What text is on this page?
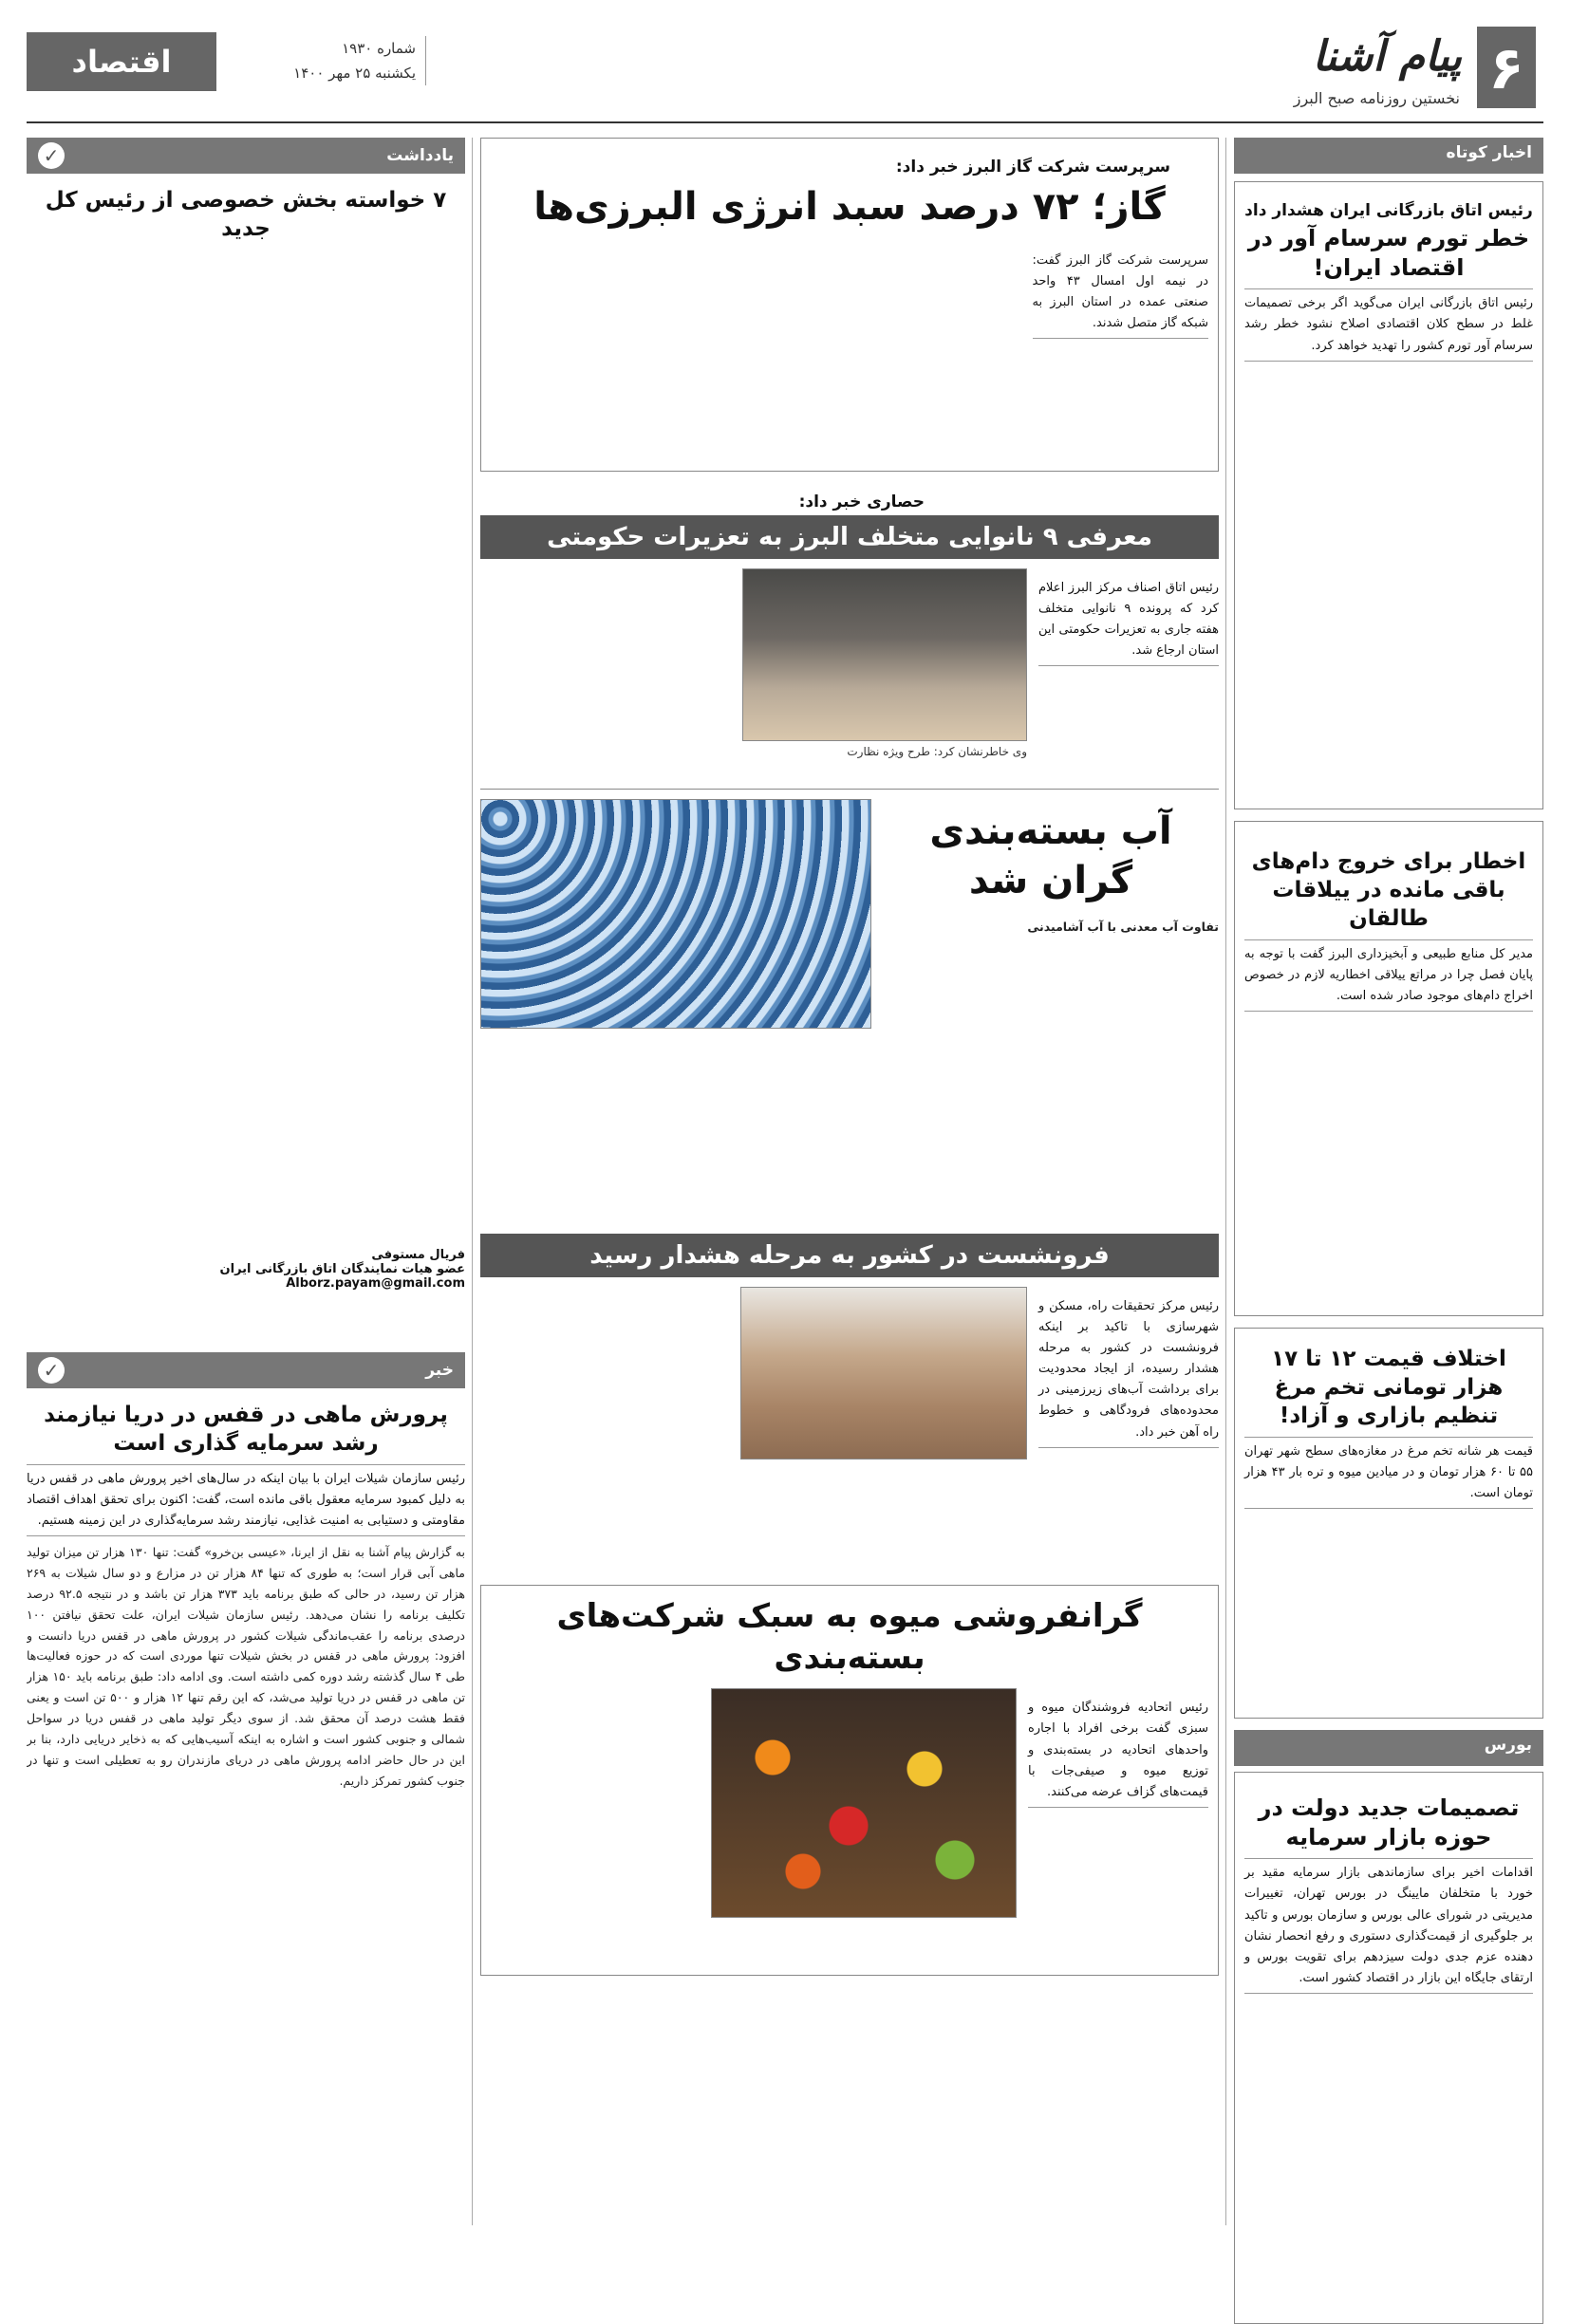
۶
پیام آشنا
نخستین روزنامه صبح البرز
شماره ۱۹۳۰
یکشنبه ۲۵ مهر ۱۴۰۰
اقتصاد
اخبار کوتاه
رئیس اتاق بازرگانی ایران هشدار داد
خطر تورم سرسام آور در اقتصاد ایران!
رئیس اتاق بازرگانی ایران می‌گوید اگر برخی تصمیمات غلط در سطح کلان اقتصادی اصلاح نشود خطر رشد سرسام آور تورم کشور را تهدید خواهد کرد.
اخطار برای خروج دام‌های باقی مانده در ییلاقات طالقان
مدیر کل منابع طبیعی و آبخیزداری البرز گفت با توجه به پایان فصل چرا در مراتع ییلاقی اخطاریه لازم در خصوص اخراج دام‌های موجود صادر شده است.
اختلاف قیمت ۱۲ تا ۱۷ هزار تومانی تخم مرغ تنظیم بازاری و آزاد!
قیمت هر شانه تخم مرغ در مغازه‌های سطح شهر تهران ۵۵ تا ۶۰ هزار تومان و در میادین میوه و تره بار ۴۳ هزار تومان است.
بورس
تصمیمات جدید دولت در حوزه بازار سرمایه
اقدامات اخیر برای سازماندهی بازار سرمایه مقید بر خورد با متخلفان مایینگ در بورس تهران، تغییرات مدیریتی در شورای عالی بورس و سازمان بورس و تاکید بر جلوگیری از قیمت‌گذاری دستوری و رفع انحصار نشان دهنده عزم جدی دولت سیزدهم برای تقویت بورس و ارتقای جایگاه این بازار در اقتصاد کشور است.
سرپرست شرکت گاز البرز خبر داد:
گاز؛ ۷۲ درصد سبد انرژی البرزی‌ها
سرپرست شرکت گاز البرز گفت: در نیمه اول امسال ۴۳ واحد صنعتی عمده در استان البرز به شبکه گاز متصل شدند.
حصاری خبر داد:
معرفی ۹ نانوایی متخلف البرز به تعزیرات حکومتی
رئیس اتاق اصناف مرکز البرز اعلام کرد که پرونده ۹ نانوایی متخلف هفته جاری به تعزیرات حکومتی این استان ارجاع شد.
وی خاطرنشان کرد: طرح ویژه نظارت
آب بسته‌بندی گران شد
تفاوت آب معدنی با آب آشامیدنی
فرونشست در کشور به مرحله هشدار رسید
رئیس مرکز تحقیقات راه، مسکن و شهرسازی با تاکید بر اینکه فرونشست در کشور به مرحله هشدار رسیده، از ایجاد محدودیت برای برداشت آب‌های زیرزمینی در محدوده‌های فرودگاهی و خطوط راه آهن خبر داد.
گرانفروشی میوه به سبک شرکت‌های بسته‌بندی
رئیس اتحادیه فروشندگان میوه و سبزی گفت برخی افراد با اجاره واحدهای اتحادیه در بسته‌بندی و توزیع میوه و صیفی‌جات با قیمت‌های گزاف عرضه می‌کنند.
یادداشت
✓
۷ خواسته بخش خصوصی از رئیس کل جدید
فریال مستوفی
عضو هیات نمایندگان اتاق بازرگانی ایران
Alborz.payam@gmail.com
خبر
✓
پرورش ماهی در قفس در دریا نیازمند رشد سرمایه گذاری است
رئیس سازمان شیلات ایران با بیان اینکه در سال‌های اخیر پرورش ماهی در قفس دریا به دلیل کمبود سرمایه معقول باقی مانده است، گفت: اکنون برای تحقق اهداف اقتصاد مقاومتی و دستیابی به امنیت غذایی، نیازمند رشد سرمایه‌گذاری در این زمینه هستیم.
به گزارش پیام آشنا به نقل از ایرنا، «عیسی بن‌خرو» گفت: تنها ۱۳۰ هزار تن میزان تولید ماهی آبی قرار است؛ به طوری که تنها ۸۴ هزار تن در مزارع و دو سال شیلات به ۲۶۹ هزار تن رسید، در حالی که طبق برنامه باید ۳۷۳ هزار تن باشد و در نتیجه ۹۲.۵ درصد تکلیف برنامه را نشان می‌دهد. رئیس سازمان شیلات ایران، علت تحقق نیافتن ۱۰۰ درصدی برنامه را عقب‌ماندگی شیلات کشور در پرورش ماهی در قفس دریا دانست و افزود: پرورش ماهی در قفس در بخش شیلات تنها موردی است که در حوزه فعالیت‌ها طی ۴ سال گذشته رشد دوره کمی داشته است. وی ادامه داد: طبق برنامه باید ۱۵۰ هزار تن ماهی در قفس در دریا تولید می‌شد، که این رقم تنها ۱۲ هزار و ۵۰۰ تن است و یعنی فقط هشت درصد آن محقق شد. از سوی دیگر تولید ماهی در قفس دریا در سواحل شمالی و جنوبی کشور است و اشاره به اینکه آسیب‌هایی که به ذخایر دریایی دارد، بنا بر این در حال حاضر ادامه پرورش ماهی در دریای مازندران رو به تعطیلی است و تنها در جنوب کشور تمرکز داریم.
